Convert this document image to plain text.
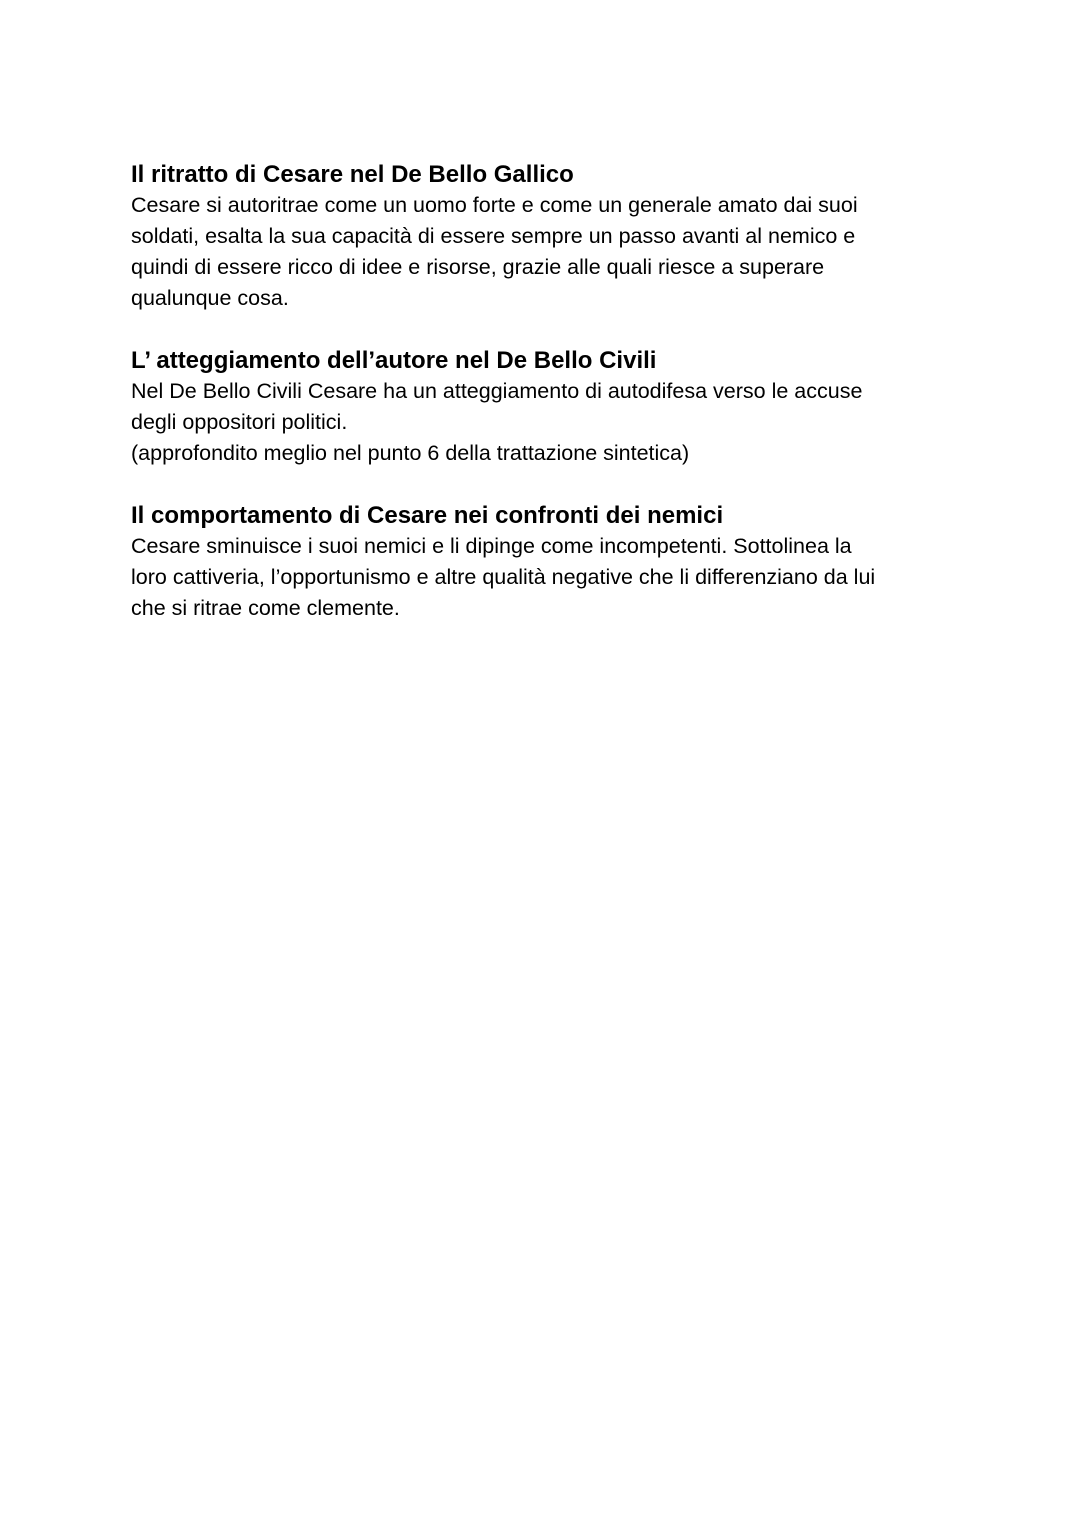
Il ritratto di Cesare nel De Bello Gallico

Cesare si autoritrae come un uomo forte e come un generale amato dai suoi

soldati, esalta la sua capacità di essere sempre un passo avanti al nemico e

quindi di essere ricco di idee e risorse, grazie alle quali riesce a superare

qualunque cosa.

L’ atteggiamento dell’autore nel De Bello Civili

Nel De Bello Civili Cesare ha un atteggiamento di autodifesa verso le accuse

degli oppositori politici.

(approfondito meglio nel punto 6 della trattazione sintetica)

Il comportamento di Cesare nei confronti dei nemici

Cesare sminuisce i suoi nemici e li dipinge come incompetenti. Sottolinea la

loro cattiveria, l’opportunismo e altre qualità negative che li differenziano da lui

che si ritrae come clemente.
